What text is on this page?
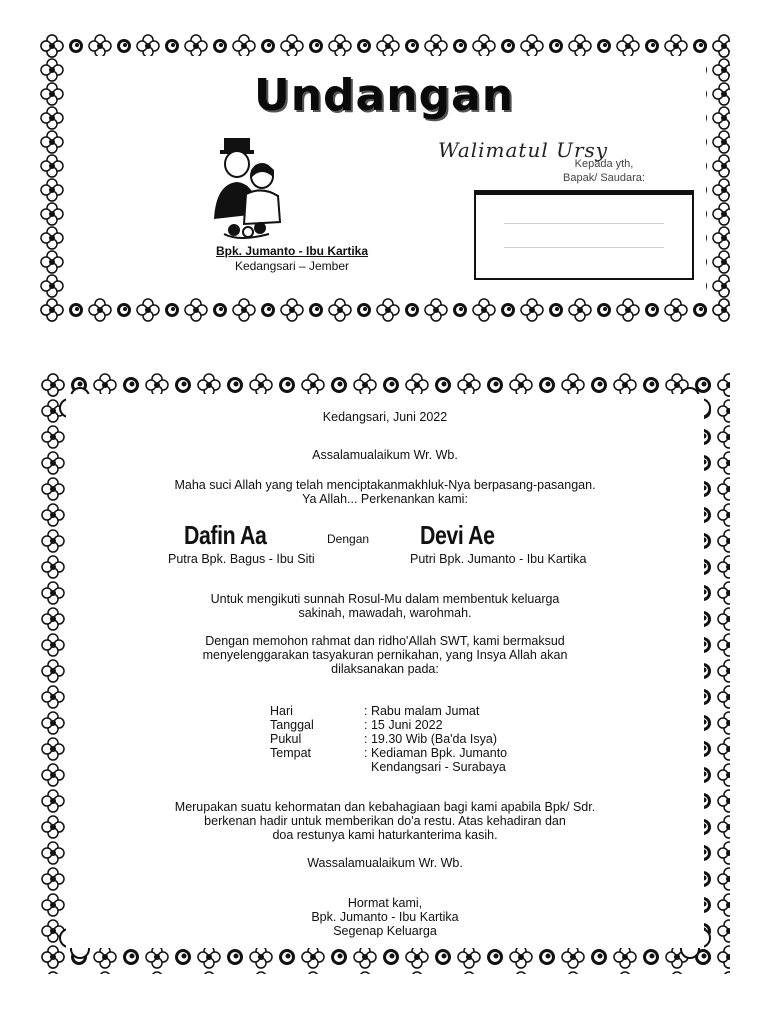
Undangan
Walimatul Ursy
Bpk. Jumanto - Ibu Kartika
Kedangsari – Jember
Kepada yth,
Bapak/ Saudara:
Kedangsari, Juni 2022
Assalamualaikum Wr. Wb.
Maha suci Allah yang telah menciptakanmakhluk-Nya berpasang-pasangan.
Ya Allah... Perkenankan kami:
Dafin Aa	Dengan Devi Ae
Putra Bpk. Bagus - Ibu Siti	Putri Bpk. Jumanto - Ibu Kartika
Untuk mengikuti sunnah Rosul-Mu dalam membentuk keluarga
sakinah, mawadah, warohmah.
Dengan memohon rahmat dan ridho'Allah SWT, kami bermaksud
menyelenggarakan tasyakuran pernikahan, yang Insya Allah akan
dilaksanakan pada:
Hari	: Rabu malam Jumat
Tanggal	: 15 Juni 2022
Pukul	: 19.30 Wib (Ba'da Isya)
Tempat	: Kediaman Bpk. Jumanto
Kendangsari - Surabaya
Merupakan suatu kehormatan dan kebahagiaan bagi kami apabila Bpk/ Sdr.
berkenan hadir untuk memberikan do'a restu. Atas kehadiran dan
doa restunya kami haturkanterima kasih.
Wassalamualaikum Wr. Wb.
Hormat kami,
Bpk. Jumanto - Ibu Kartika
Segenap Keluarga
